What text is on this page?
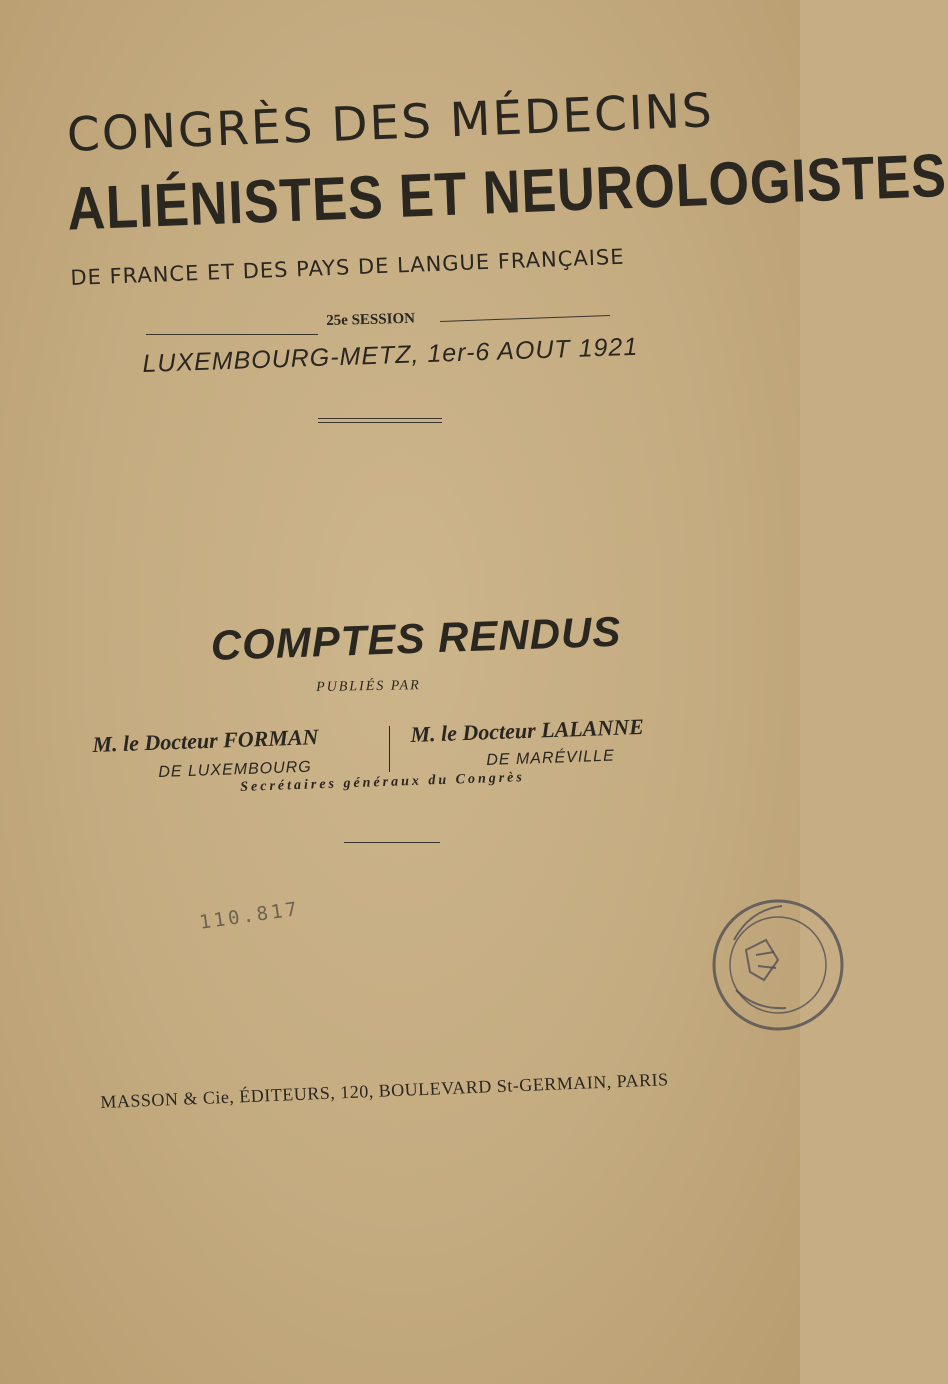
CONGRÈS DES MÉDECINS
ALIÉNISTES ET NEUROLOGISTES
DE FRANCE ET DES PAYS DE LANGUE FRANÇAISE
25e SESSION
LUXEMBOURG-METZ, 1er-6 AOUT 1921
COMPTES RENDUS
PUBLIÉS PAR
M. le Docteur FORMAN
DE LUXEMBOURG
M. le Docteur LALANNE
DE MARÉVILLE
Secrétaires généraux du Congrès
110.817
MASSON & Cie, ÉDITEURS, 120, BOULEVARD St-GERMAIN, PARIS
